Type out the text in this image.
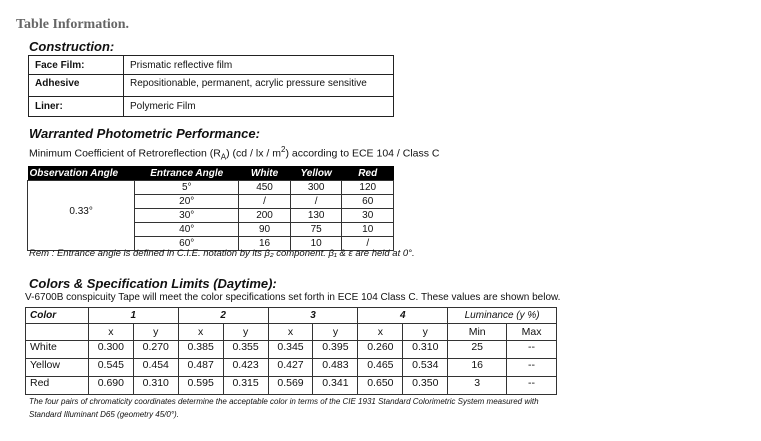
Table Information.
Construction:
Face Film:	Prismatic reflective film
Adhesive	Repositionable, permanent, acrylic pressure sensitive
Liner:	Polymeric Film
Warranted Photometric Performance:
Minimum Coefficient of Retroreflection $(R_A)$ (cd / lx / $m^2$) according to ECE 104 / Class C
Observation Angle	Entrance Angle	White	Yellow	Red
0.33°	5°	450	300	120
	20°	/	/	60
	30°	200	130	30
	40°	90	75	10
	60°	16	10	/
Rem : Entrance angle is defined in C.I.E. notation by its β₂ component. β₁ & ε are held at 0°.
Colors & Specification Limits (Daytime):
V-6700B conspicuity Tape will meet the color specifications set forth in ECE 104 Class C. These values are shown below.
Color	1		2		3		4		Luminance (y %)	
	x	y	x	y	x	y	x	y	Min	Max
White	0.300	0.270	0.385	0.355	0.345	0.395	0.260	0.310	25	--
Yellow	0.545	0.454	0.487	0.423	0.427	0.483	0.465	0.534	16	--
Red	0.690	0.310	0.595	0.315	0.569	0.341	0.650	0.350	3	--
The four pairs of chromaticity coordinates determine the acceptable color in terms of the CIE 1931 Standard Colorimetric System measured with
Standard Illuminant D65 (geometry 45/0°).
